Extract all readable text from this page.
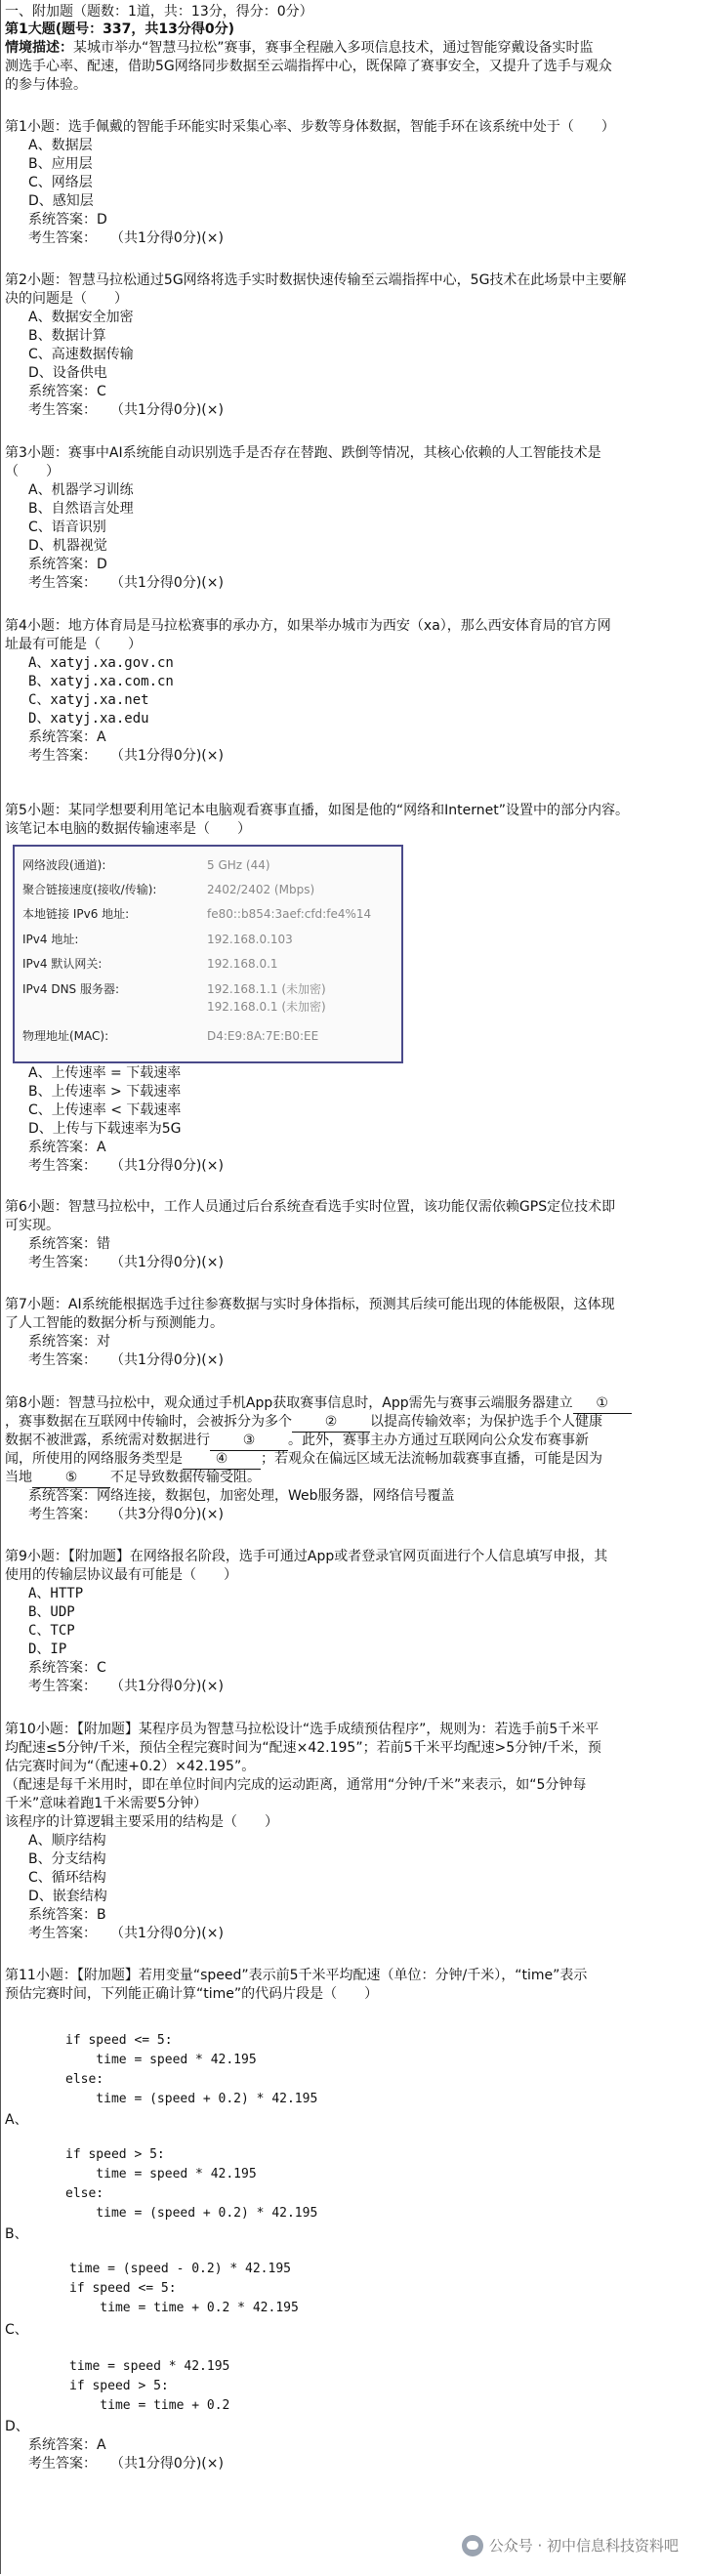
一、附加题（题数：1道，共：13分，得分：0分）
第1大题(题号：337，共13分得0分)
情境描述：某城市举办“智慧马拉松”赛事，赛事全程融入多项信息技术，通过智能穿戴设备实时监
测选手心率、配速，借助5G网络同步数据至云端指挥中心，既保障了赛事安全，又提升了选手与观众
的参与体验。
第1小题：选手佩戴的智能手环能实时采集心率、步数等身体数据，智能手环在该系统中处于（　　）
A、数据层
B、应用层
C、网络层
D、感知层
系统答案：D
考生答案：　　（共1分得0分)(×)
第2小题：智慧马拉松通过5G网络将选手实时数据快速传输至云端指挥中心，5G技术在此场景中主要解
决的问题是（　　）
A、数据安全加密
B、数据计算
C、高速数据传输
D、设备供电
系统答案：C
考生答案：　　（共1分得0分)(×)
第3小题：赛事中AI系统能自动识别选手是否存在替跑、跌倒等情况，其核心依赖的人工智能技术是
（　　）
A、机器学习训练
B、自然语言处理
C、语音识别
D、机器视觉
系统答案：D
考生答案：　　（共1分得0分)(×)
第4小题：地方体育局是马拉松赛事的承办方，如果举办城市为西安（xa），那么西安体育局的官方网
址最有可能是（　　）
A、xatyj.xa.gov.cn
B、xatyj.xa.com.cn
C、xatyj.xa.net
D、xatyj.xa.edu
系统答案：A
考生答案：　　（共1分得0分)(×)
第5小题：某同学想要利用笔记本电脑观看赛事直播，如图是他的“网络和Internet”设置中的部分内容。
该笔记本电脑的数据传输速率是（　　）
网络波段(通道):	5 GHz (44)
聚合链接速度(接收/传输):	2402/2402 (Mbps)
本地链接 IPv6 地址:	fe80::b854:3aef:cfd:fe4%14
IPv4 地址:	192.168.0.103
IPv4 默认网关:	192.168.0.1
IPv4 DNS 服务器:	192.168.1.1 (未加密)
192.168.0.1 (未加密)
物理地址(MAC):	D4:E9:8A:7E:B0:EE
A、上传速率 = 下载速率
B、上传速率 > 下载速率
C、上传速率 < 下载速率
D、上传与下载速率为5G
系统答案：A
考生答案：　　（共1分得0分)(×)
第6小题：智慧马拉松中，工作人员通过后台系统查看选手实时位置，该功能仅需依赖GPS定位技术即
可实现。
系统答案：错
考生答案：　　（共1分得0分)(×)
第7小题：AI系统能根据选手过往参赛数据与实时身体指标，预测其后续可能出现的体能极限，这体现
了人工智能的数据分析与预测能力。
系统答案：对
考生答案：　　（共1分得0分)(×)
第8小题：智慧马拉松中，观众通过手机App获取赛事信息时，App需先与赛事云端服务器建立 ①
，赛事数据在互联网中传输时，会被拆分为多个 ② 以提高传输效率；为保护选手个人健康
数据不被泄露，系统需对数据进行 ③ 。此外，赛事主办方通过互联网向公众发布赛事新
闻，所使用的网络服务类型是 ④ ；若观众在偏远区域无法流畅加载赛事直播，可能是因为
当地 ⑤ 不足导致数据传输受阻。
系统答案：网络连接，数据包，加密处理，Web服务器，网络信号覆盖
考生答案：　　（共3分得0分)(×)
第9小题：【附加题】在网络报名阶段，选手可通过App或者登录官网页面进行个人信息填写申报，其
使用的传输层协议最有可能是（　　）
A、HTTP
B、UDP
C、TCP
D、IP
系统答案：C
考生答案：　　（共1分得0分)(×)
第10小题：【附加题】某程序员为智慧马拉松设计“选手成绩预估程序”，规则为：若选手前5千米平
均配速≤5分钟/千米，预估全程完赛时间为“配速×42.195”；若前5千米平均配速>5分钟/千米，预
估完赛时间为“（配速+0.2）×42.195”。
（配速是每千米用时，即在单位时间内完成的运动距离，通常用“分钟/千米”来表示，如“5分钟每
千米”意味着跑1千米需要5分钟）
该程序的计算逻辑主要采用的结构是（　　）
A、顺序结构
B、分支结构
C、循环结构
D、嵌套结构
系统答案：B
考生答案：　　（共1分得0分)(×)
第11小题：【附加题】若用变量“speed”表示前5千米平均配速（单位：分钟/千米），“time”表示
预估完赛时间，下列能正确计算“time”的代码片段是（　　）
if speed <= 5:
time = speed * 42.195
else:
time = (speed + 0.2) * 42.195
A、
if speed > 5:
time = speed * 42.195
else:
time = (speed + 0.2) * 42.195
B、
time = (speed - 0.2) * 42.195
if speed <= 5:
time = time + 0.2 * 42.195
C、
time = speed * 42.195
if speed > 5:
time = time + 0.2
D、
系统答案：A
考生答案：　　（共1分得0分)(×)
公众号 · 初中信息科技资料吧
